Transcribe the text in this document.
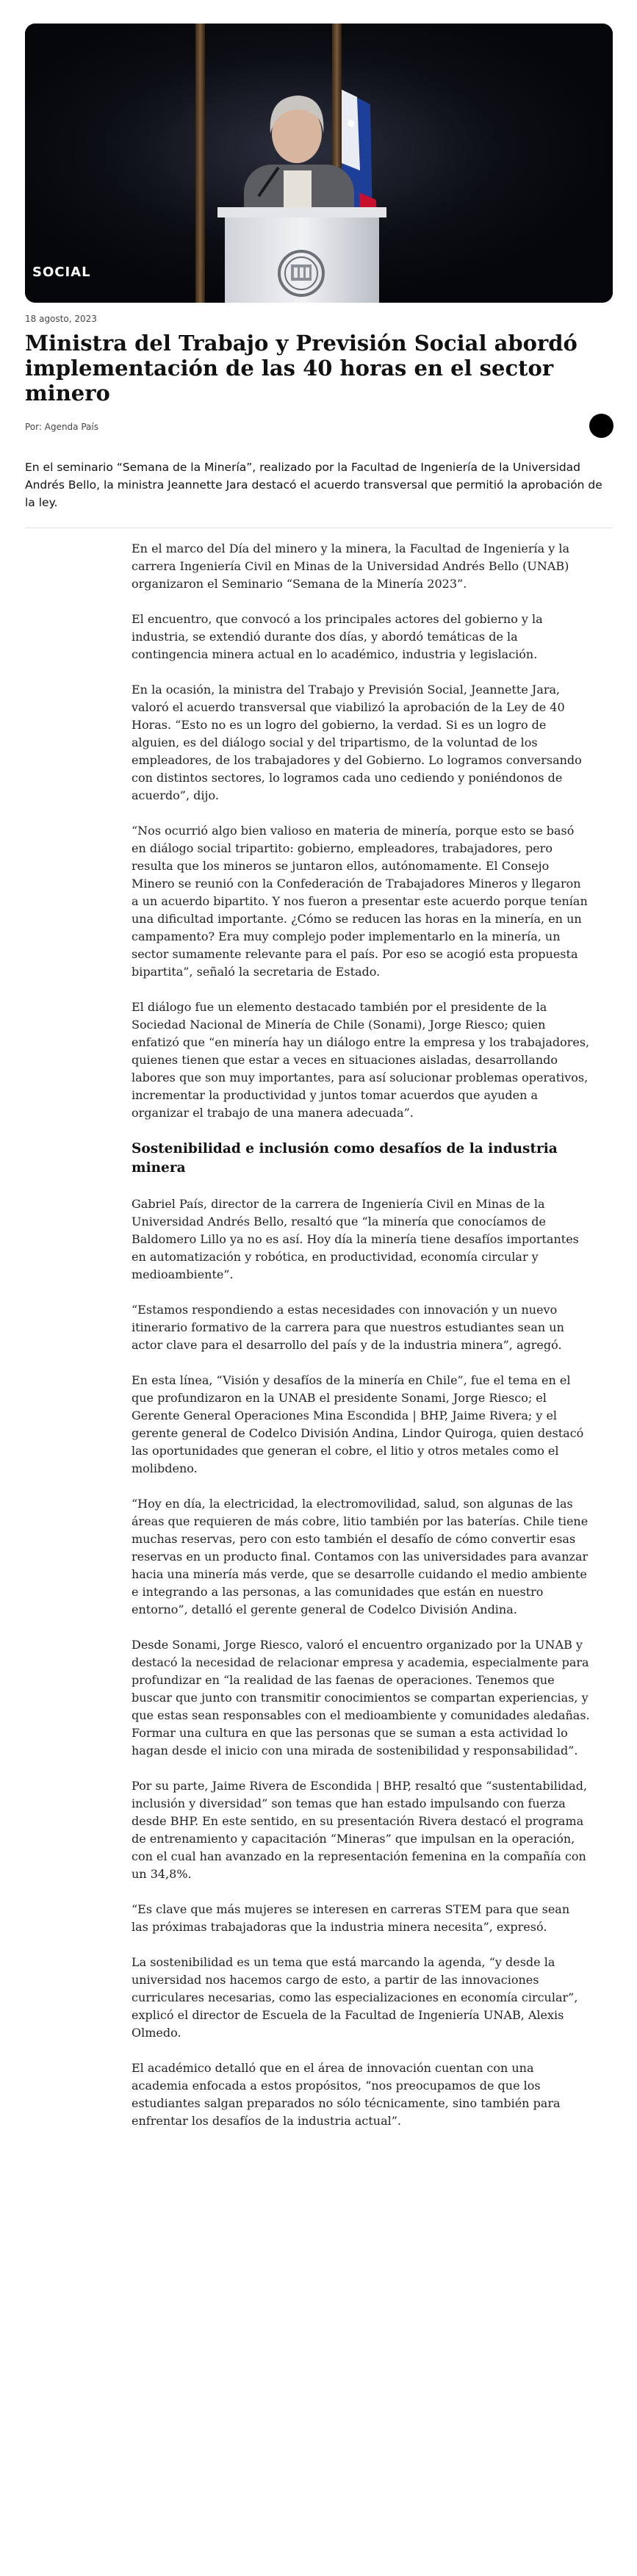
SOCIAL
18 agosto, 2023
Ministra del Trabajo y Previsión Social abordó implementación de las 40 horas en el sector minero
Por: Agenda País

En el seminario “Semana de la Minería”, realizado por la Facultad de Ingeniería de la Universidad Andrés Bello, la ministra Jeannette Jara destacó el acuerdo transversal que permitió la aprobación de la ley.

En el marco del Día del minero y la minera, la Facultad de Ingeniería y la carrera Ingeniería Civil en Minas de la Universidad Andrés Bello (UNAB) organizaron el Seminario “Semana de la Minería 2023”.

El encuentro, que convocó a los principales actores del gobierno y la industria, se extendió durante dos días, y abordó temáticas de la contingencia minera actual en lo académico, industria y legislación.

En la ocasión, la ministra del Trabajo y Previsión Social, Jeannette Jara, valoró el acuerdo transversal que viabilizó la aprobación de la Ley de 40 Horas. “Esto no es un logro del gobierno, la verdad. Si es un logro de alguien, es del diálogo social y del tripartismo, de la voluntad de los empleadores, de los trabajadores y del Gobierno. Lo logramos conversando con distintos sectores, lo logramos cada uno cediendo y poniéndonos de acuerdo”, dijo.

“Nos ocurrió algo bien valioso en materia de minería, porque esto se basó en diálogo social tripartito: gobierno, empleadores, trabajadores, pero resulta que los mineros se juntaron ellos, autónomamente. El Consejo Minero se reunió con la Confederación de Trabajadores Mineros y llegaron a un acuerdo bipartito. Y nos fueron a presentar este acuerdo porque tenían una dificultad importante. ¿Cómo se reducen las horas en la minería, en un campamento? Era muy complejo poder implementarlo en la minería, un sector sumamente relevante para el país. Por eso se acogió esta propuesta bipartita”, señaló la secretaria de Estado.

El diálogo fue un elemento destacado también por el presidente de la Sociedad Nacional de Minería de Chile (Sonami), Jorge Riesco; quien enfatizó que “en minería hay un diálogo entre la empresa y los trabajadores, quienes tienen que estar a veces en situaciones aisladas, desarrollando labores que son muy importantes, para así solucionar problemas operativos, incrementar la productividad y juntos tomar acuerdos que ayuden a organizar el trabajo de una manera adecuada”.

Sostenibilidad e inclusión como desafíos de la industria minera

Gabriel País, director de la carrera de Ingeniería Civil en Minas de la Universidad Andrés Bello, resaltó que “la minería que conocíamos de Baldomero Lillo ya no es así. Hoy día la minería tiene desafíos importantes en automatización y robótica, en productividad, economía circular y medioambiente”.

“Estamos respondiendo a estas necesidades con innovación y un nuevo itinerario formativo de la carrera para que nuestros estudiantes sean un actor clave para el desarrollo del país y de la industria minera”, agregó.

En esta línea, “Visión y desafíos de la minería en Chile”, fue el tema en el que profundizaron en la UNAB el presidente Sonami, Jorge Riesco; el Gerente General Operaciones Mina Escondida | BHP, Jaime Rivera; y el gerente general de Codelco División Andina, Lindor Quiroga, quien destacó las oportunidades que generan el cobre, el litio y otros metales como el molibdeno.

“Hoy en día, la electricidad, la electromovilidad, salud, son algunas de las áreas que requieren de más cobre, litio también por las baterías. Chile tiene muchas reservas, pero con esto también el desafío de cómo convertir esas reservas en un producto final. Contamos con las universidades para avanzar hacia una minería más verde, que se desarrolle cuidando el medio ambiente e integrando a las personas, a las comunidades que están en nuestro entorno”, detalló el gerente general de Codelco División Andina.

Desde Sonami, Jorge Riesco, valoró el encuentro organizado por la UNAB y destacó la necesidad de relacionar empresa y academia, especialmente para profundizar en “la realidad de las faenas de operaciones. Tenemos que buscar que junto con transmitir conocimientos se compartan experiencias, y que estas sean responsables con el medioambiente y comunidades aledañas. Formar una cultura en que las personas que se suman a esta actividad lo hagan desde el inicio con una mirada de sostenibilidad y responsabilidad”.

Por su parte, Jaime Rivera de Escondida | BHP, resaltó que “sustentabilidad, inclusión y diversidad” son temas que han estado impulsando con fuerza desde BHP. En este sentido, en su presentación Rivera destacó el programa de entrenamiento y capacitación “Mineras” que impulsan en la operación, con el cual han avanzado en la representación femenina en la compañía con un 34,8%.

“Es clave que más mujeres se interesen en carreras STEM para que sean las próximas trabajadoras que la industria minera necesita”, expresó.

La sostenibilidad es un tema que está marcando la agenda, “y desde la universidad nos hacemos cargo de esto, a partir de las innovaciones curriculares necesarias, como las especializaciones en economía circular”, explicó el director de Escuela de la Facultad de Ingeniería UNAB, Alexis Olmedo.

El académico detalló que en el área de innovación cuentan con una academia enfocada a estos propósitos, “nos preocupamos de que los estudiantes salgan preparados no sólo técnicamente, sino también para enfrentar los desafíos de la industria actual”.
